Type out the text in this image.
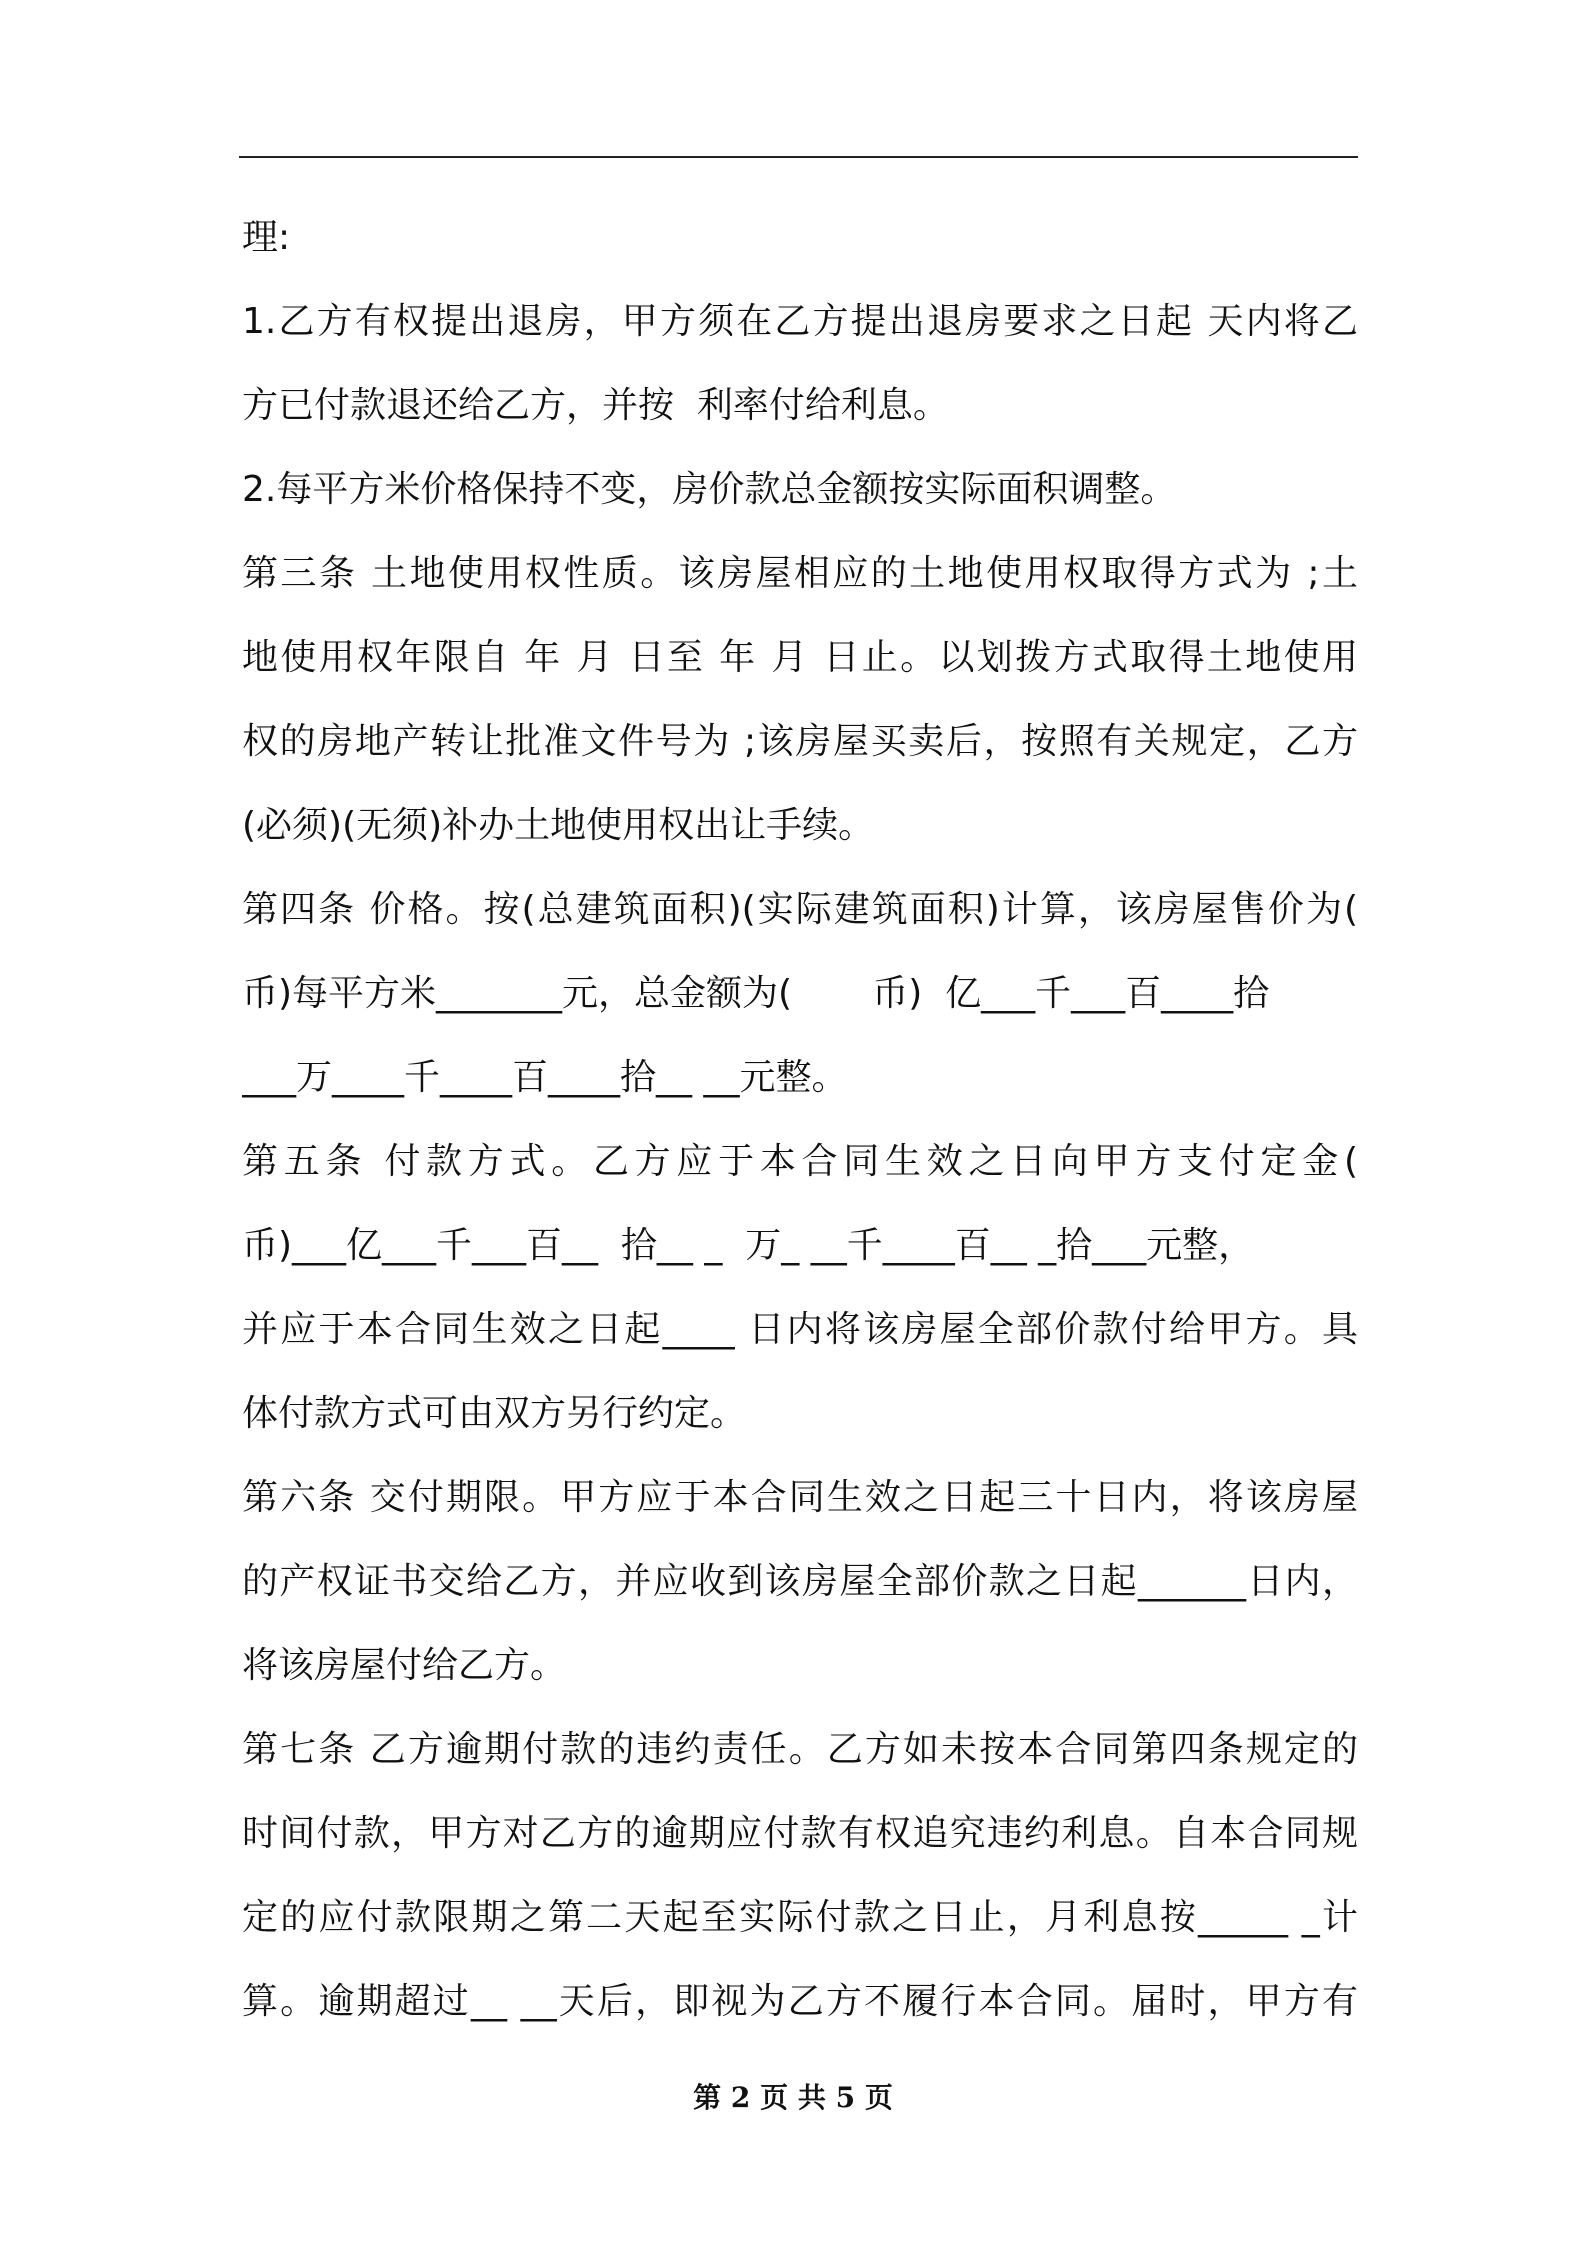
理:
1.乙方有权提出退房，甲方须在乙方提出退房要求之日起 天内将乙
方已付款退还给乙方，并按  利率付给利息。
2.每平方米价格保持不变，房价款总金额按实际面积调整。
第三条 土地使用权性质。该房屋相应的土地使用权取得方式为 ;土
地使用权年限自 年 月 日至 年 月 日止。以划拨方式取得土地使用
权的房地产转让批准文件号为 ;该房屋买卖后，按照有关规定，乙方
(必须)(无须)补办土地使用权出让手续。
第四条 价格。按(总建筑面积)(实际建筑面积)计算，该房屋售价为(
币)每平方米_______元，总金额为(       币)  亿___千___百____拾
___万____千____百____拾__ __元整。
第五条 付款方式。乙方应于本合同生效之日向甲方支付定金(
币)___亿___千___百__  拾__ _  万_ __千____百__ _拾___元整，
并应于本合同生效之日起____ 日内将该房屋全部价款付给甲方。具
体付款方式可由双方另行约定。
第六条 交付期限。甲方应于本合同生效之日起三十日内，将该房屋
的产权证书交给乙方，并应收到该房屋全部价款之日起______日内，
将该房屋付给乙方。
第七条 乙方逾期付款的违约责任。乙方如未按本合同第四条规定的
时间付款，甲方对乙方的逾期应付款有权追究违约利息。自本合同规
定的应付款限期之第二天起至实际付款之日止，月利息按_____ _计
算。逾期超过__ __天后，即视为乙方不履行本合同。届时，甲方有
第 2 页 共 5 页
